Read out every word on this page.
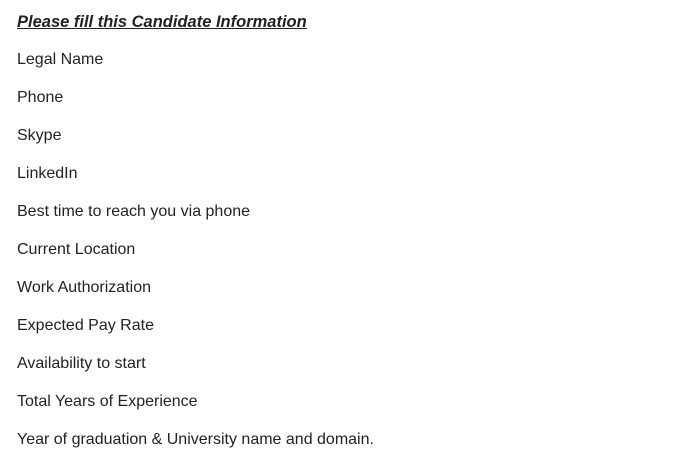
Please fill this Candidate Information
Legal Name
Phone
Skype
LinkedIn
Best time to reach you via phone
Current Location
Work Authorization
Expected Pay Rate
Availability to start
Total Years of Experience
Year of graduation & University name and domain.
